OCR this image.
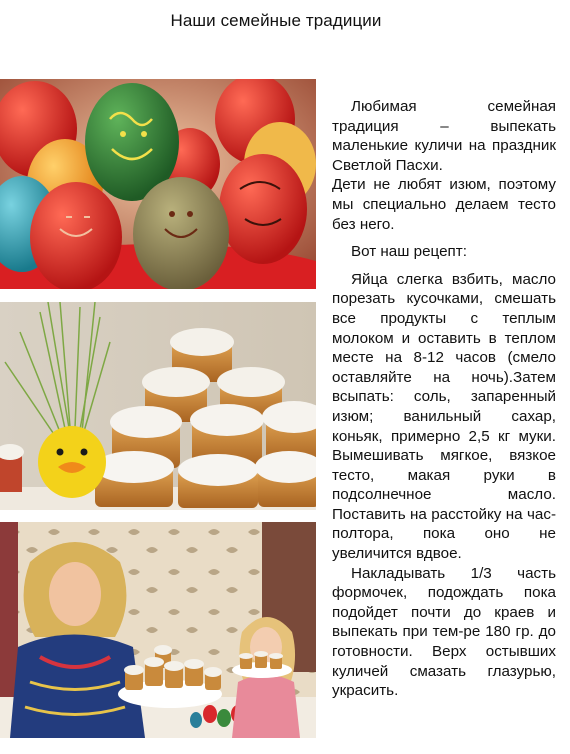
Наши семейные традиции

Любимая семейная традиция – выпекать маленькие куличи на праздник Светлой Пасхи.

Дети не любят изюм, поэтому мы специально делаем тесто без него.

Вот наш рецепт:

Яйца слегка взбить, масло порезать кусочками, смешать все продукты с теплым молоком и оставить в теплом месте на 8-12 часов (смело оставляйте на ночь).Затем всыпать: соль, запаренный изюм; ванильный сахар, коньяк, примерно 2,5 кг муки. Вымешивать мягкое, вязкое тесто, макая руки в подсолнечное масло. Поставить на расстойку на час-полтора, пока оно не увеличится вдвое.

Накладывать 1/3 часть формочек, подождать пока подойдет почти до краев и выпекать при тем-ре 180 гр. до готовности. Верх остывших куличей смазать глазурью, украсить.
